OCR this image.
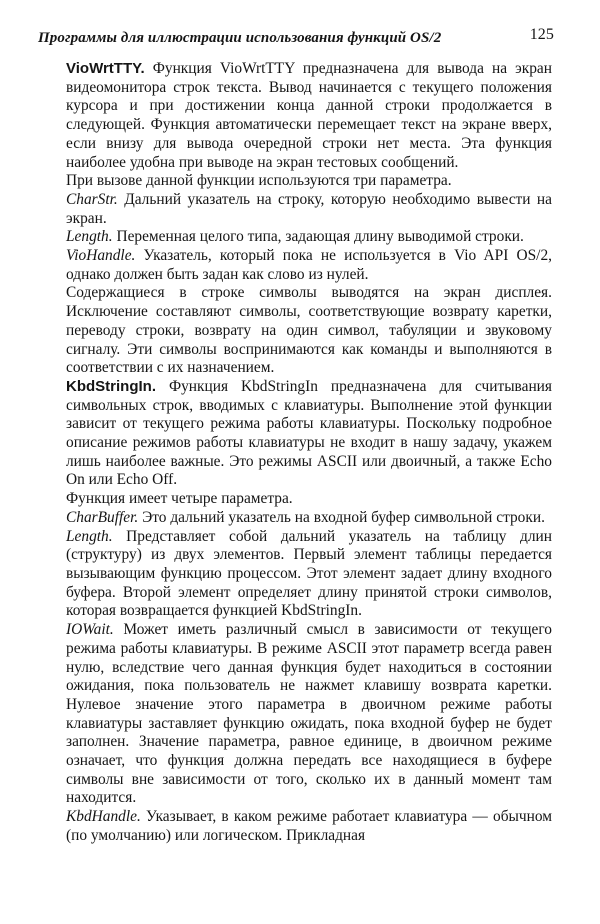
Программы для иллюстрации использования функций OS/2	125

VioWrtTTY. Функция VioWrtTTY предназначена для вывода на экран видеомонитора строк текста. Вывод начинается с текущего положения курсора и при достижении конца данной строки продолжается в следующей. Функция автоматически перемещает текст на экране вверх, если внизу для вывода очередной строки нет места. Эта функция наиболее удобна при выводе на экран тестовых сообщений.

При вызове данной функции используются три параметра.

CharStr. Дальний указатель на строку, которую необходимо вывести на экран.

Length. Переменная целого типа, задающая длину выводимой строки.

VioHandle. Указатель, который пока не используется в Vio API OS/2, однако должен быть задан как слово из нулей.

Содержащиеся в строке символы выводятся на экран дисплея. Исключение составляют символы, соответствующие возврату каретки, переводу строки, возврату на один символ, табуляции и звуковому сигналу. Эти символы воспринимаются как команды и выполняются в соответствии с их назначением.

KbdStringIn. Функция KbdStringIn предназначена для считывания символьных строк, вводимых с клавиатуры. Выполнение этой функции зависит от текущего режима работы клавиатуры. Поскольку подробное описание режимов работы клавиатуры не входит в нашу задачу, укажем лишь наиболее важные. Это режимы ASCII или двоичный, а также Echo On или Echo Off.

Функция имеет четыре параметра.

CharBuffer. Это дальний указатель на входной буфер символьной строки.

Length. Представляет собой дальний указатель на таблицу длин (структуру) из двух элементов. Первый элемент таблицы передается вызывающим функцию процессом. Этот элемент задает длину входного буфера. Второй элемент определяет длину принятой строки символов, которая возвращается функцией KbdStringIn.

IOWait. Может иметь различный смысл в зависимости от текущего режима работы клавиатуры. В режиме ASCII этот параметр всегда равен нулю, вследствие чего данная функция будет находиться в состоянии ожидания, пока пользователь не нажмет клавишу возврата каретки. Нулевое значение этого параметра в двоичном режиме работы клавиатуры заставляет функцию ожидать, пока входной буфер не будет заполнен. Значение параметра, равное единице, в двоичном режиме означает, что функция должна передать все находящиеся в буфере символы вне зависимости от того, сколько их в данный момент там находится.

KbdHandle. Указывает, в каком режиме работает клавиатура — обычном (по умолчанию) или логическом. Прикладная
